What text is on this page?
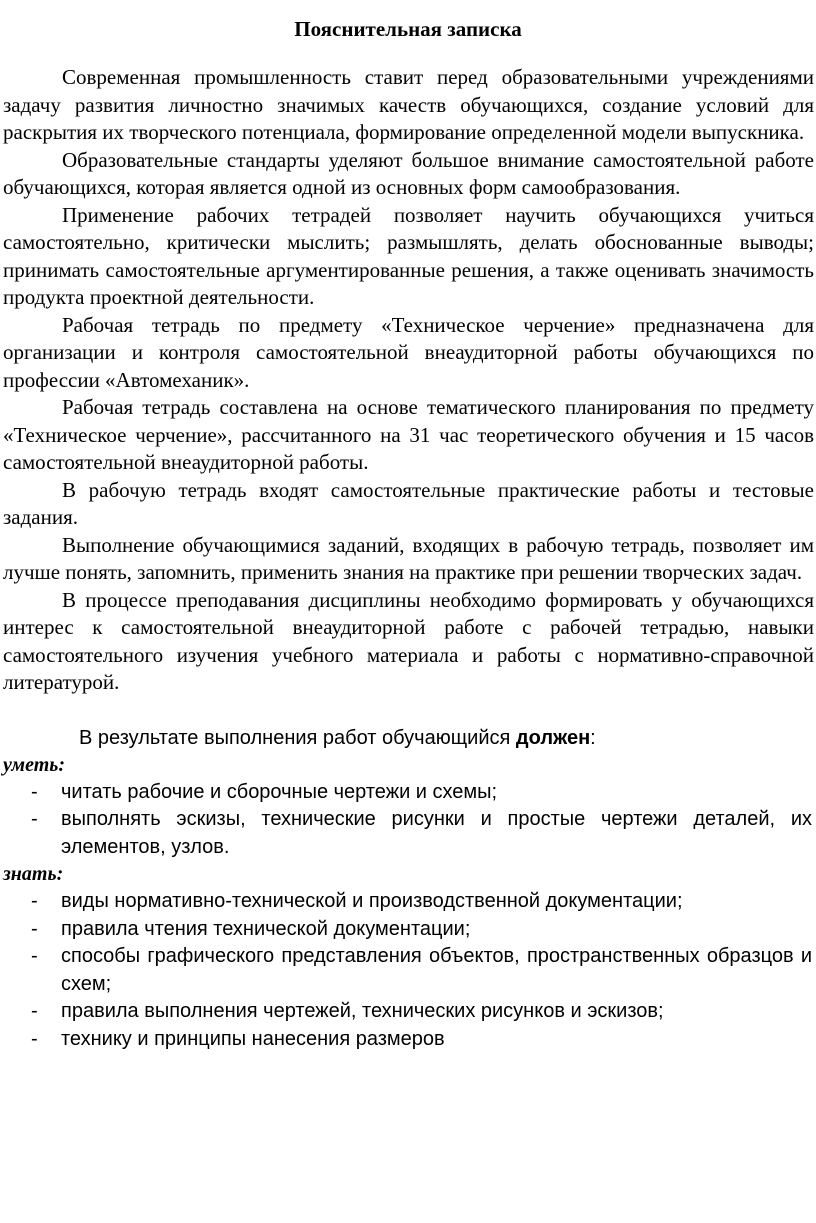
Пояснительная записка

Современная промышленность ставит перед образовательными учреждениями задачу развития личностно значимых качеств обучающихся, создание условий для раскрытия их творческого потенциала, формирование определенной модели выпускника.

Образовательные стандарты уделяют большое внимание самостоятельной работе обучающихся, которая является одной из основных форм самообразования.

Применение рабочих тетрадей позволяет научить обучающихся учиться самостоятельно, критически мыслить; размышлять, делать обоснованные выводы; принимать самостоятельные аргументированные решения, а также оценивать значимость продукта проектной деятельности.

Рабочая тетрадь по предмету «Техническое черчение» предназначена для организации и контроля самостоятельной внеаудиторной работы обучающихся по профессии «Автомеханик».

Рабочая тетрадь составлена на основе тематического планирования по предмету «Техническое черчение», рассчитанного на 31 час теоретического обучения и 15 часов самостоятельной внеаудиторной работы.

В рабочую тетрадь входят самостоятельные практические работы и тестовые задания.

Выполнение обучающимися заданий, входящих в рабочую тетрадь, позволяет им лучше понять, запомнить, применить знания на практике при решении творческих задач.

В процессе преподавания дисциплины необходимо формировать у обучающихся интерес к самостоятельной внеаудиторной работе с рабочей тетрадью, навыки самостоятельного изучения учебного материала и работы с нормативно-справочной литературой.

В результате выполнения работ обучающийся должен:

уметь:

-	читать рабочие и сборочные чертежи и схемы;
-	выполнять эскизы, технические рисунки и простые чертежи деталей, их элементов, узлов.

знать:

-	виды нормативно-технической и производственной документации;
-	правила чтения технической документации;
-	способы графического представления объектов, пространственных образцов и схем;
-	правила выполнения чертежей, технических рисунков и эскизов;
-	технику и принципы нанесения размеров
